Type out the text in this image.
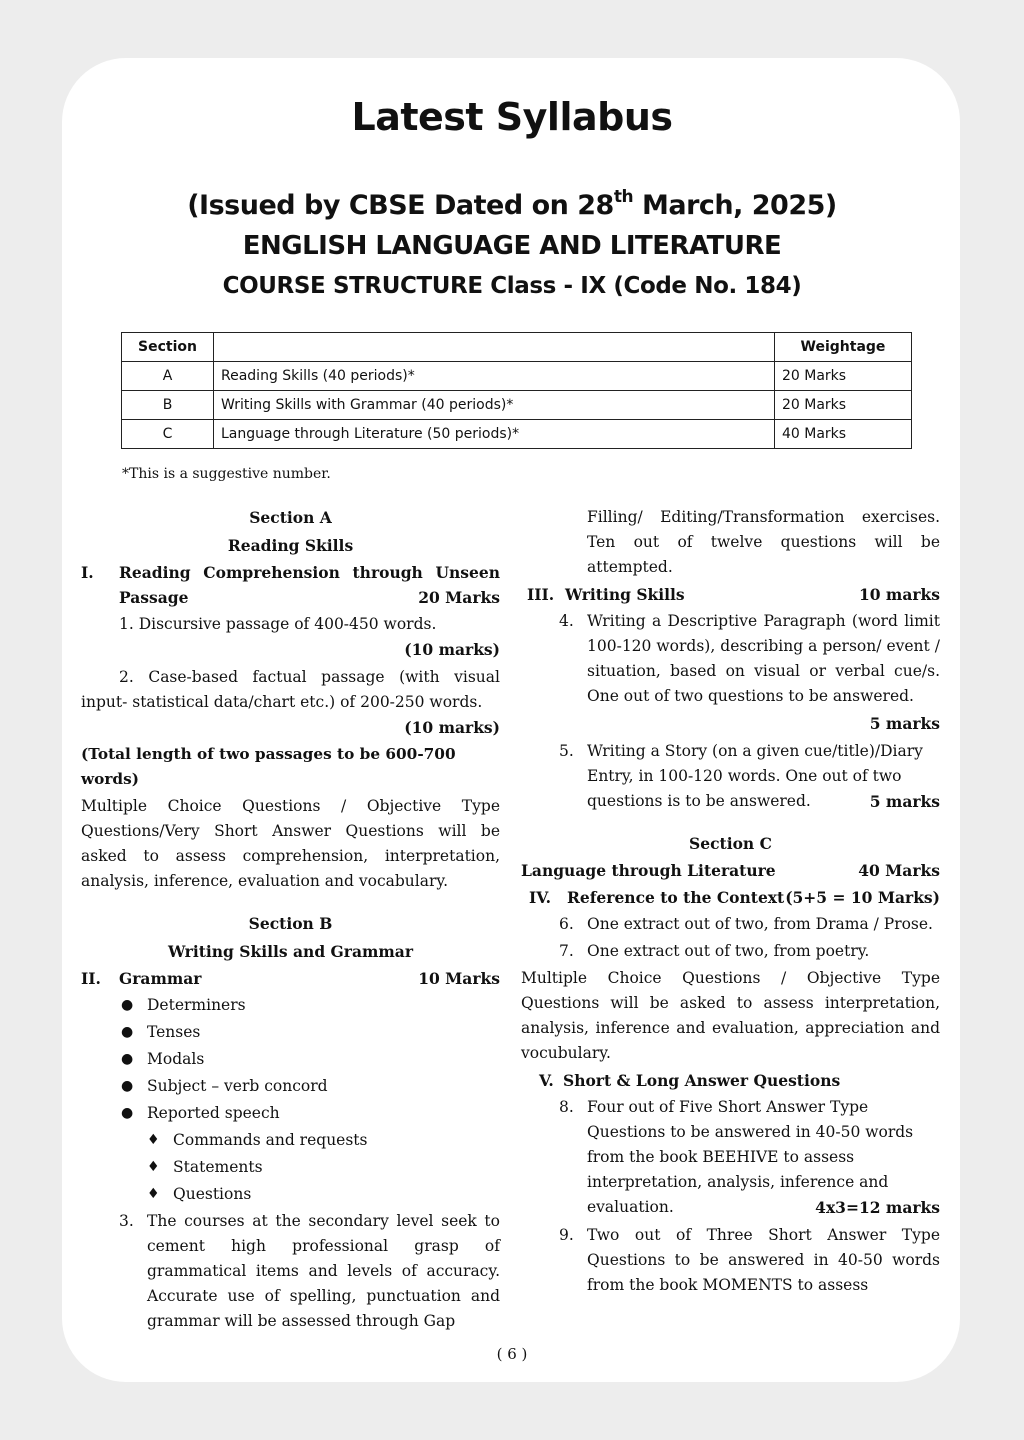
Latest Syllabus
(Issued by CBSE Dated on 28th March, 2025)
ENGLISH LANGUAGE AND LITERATURE
COURSE STRUCTURE Class - IX (Code No. 184)
Section		Weightage
A	Reading Skills (40 periods)*	20 Marks
B	Writing Skills with Grammar (40 periods)*	20 Marks
C	Language through Literature (50 periods)*	40 Marks
*This is a suggestive number.
Section A
Reading Skills
I.	Reading Comprehension through Unseen
Passage	20 Marks
1. Discursive passage of 400-450 words.
(10 marks)
2. Case-based factual passage (with visual input- statistical data/chart etc.) of 200-250 words.
(10 marks)
(Total length of two passages to be 600-700 words)
Multiple Choice Questions / Objective Type Questions/Very Short Answer Questions will be asked to assess comprehension, interpretation, analysis, inference, evaluation and vocabulary.
Section B
Writing Skills and Grammar
II.	Grammar	10 Marks
● Determiners
● Tenses
● Modals
● Subject – verb concord
● Reported speech
♦ Commands and requests
♦ Statements
♦ Questions
3. The courses at the secondary level seek to cement high professional grasp of grammatical items and levels of accuracy. Accurate use of spelling, punctuation and grammar will be assessed through Gap
Filling/ Editing/Transformation exercises. Ten out of twelve questions will be attempted.
III. Writing Skills	10 marks
4. Writing a Descriptive Paragraph (word limit 100-120 words), describing a person/ event / situation, based on visual or verbal cue/s. One out of two questions to be answered.
5 marks
5. Writing a Story (on a given cue/title)/Diary Entry, in 100-120 words. One out of two questions is to be answered.	5 marks
Section C
Language through Literature	40 Marks
IV.	Reference to the Context (5+5 = 10 Marks)
6. One extract out of two, from Drama / Prose.
7. One extract out of two, from poetry.
Multiple Choice Questions / Objective Type Questions will be asked to assess interpretation, analysis, inference and evaluation, appreciation and vocubulary.
V. Short & Long Answer Questions
8. Four out of Five Short Answer Type Questions to be answered in 40-50 words from the book BEEHIVE to assess interpretation, analysis, inference and evaluation.	4x3=12 marks
9. Two out of Three Short Answer Type Questions to be answered in 40-50 words from the book MOMENTS to assess
( 6 )
